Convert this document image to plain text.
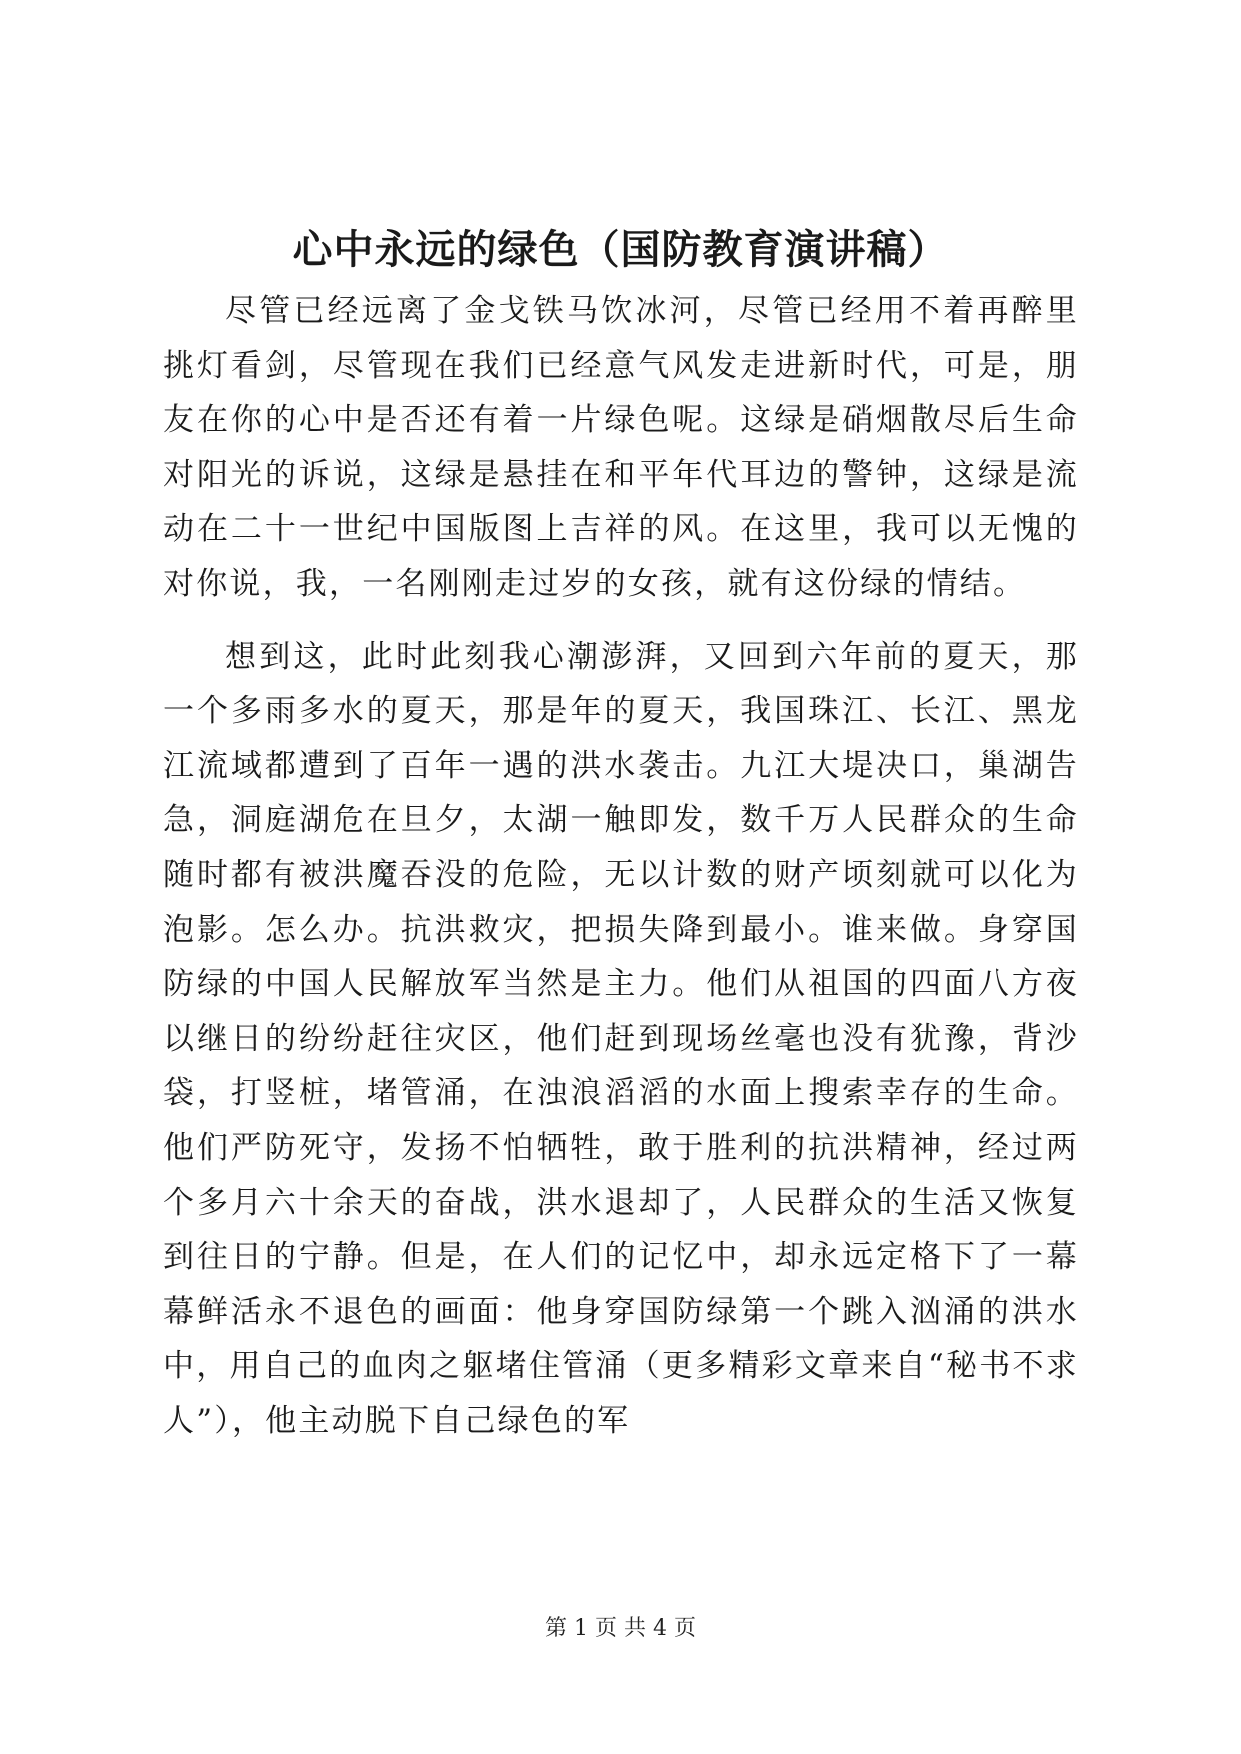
心中永远的绿色（国防教育演讲稿）

尽管已经远离了金戈铁马饮冰河，尽管已经用不着再醉里挑灯看剑，尽管现在我们已经意气风发走进新时代，可是，朋友在你的心中是否还有着一片绿色呢。这绿是硝烟散尽后生命对阳光的诉说，这绿是悬挂在和平年代耳边的警钟，这绿是流动在二十一世纪中国版图上吉祥的风。在这里，我可以无愧的对你说，我，一名刚刚走过岁的女孩，就有这份绿的情结。

想到这，此时此刻我心潮澎湃，又回到六年前的夏天，那一个多雨多水的夏天，那是年的夏天，我国珠江、长江、黑龙江流域都遭到了百年一遇的洪水袭击。九江大堤决口，巢湖告急，洞庭湖危在旦夕，太湖一触即发，数千万人民群众的生命随时都有被洪魔吞没的危险，无以计数的财产顷刻就可以化为泡影。怎么办。抗洪救灾，把损失降到最小。谁来做。身穿国防绿的中国人民解放军当然是主力。他们从祖国的四面八方夜以继日的纷纷赶往灾区，他们赶到现场丝毫也没有犹豫，背沙袋，打竖桩，堵管涌，在浊浪滔滔的水面上搜索幸存的生命。他们严防死守，发扬不怕牺牲，敢于胜利的抗洪精神，经过两个多月六十余天的奋战，洪水退却了，人民群众的生活又恢复到往日的宁静。但是，在人们的记忆中，却永远定格下了一幕幕鲜活永不退色的画面：他身穿国防绿第一个跳入汹涌的洪水中，用自己的血肉之躯堵住管涌（更多精彩文章来自“秘书不求人”），他主动脱下自己绿色的军

第 1 页 共 4 页
